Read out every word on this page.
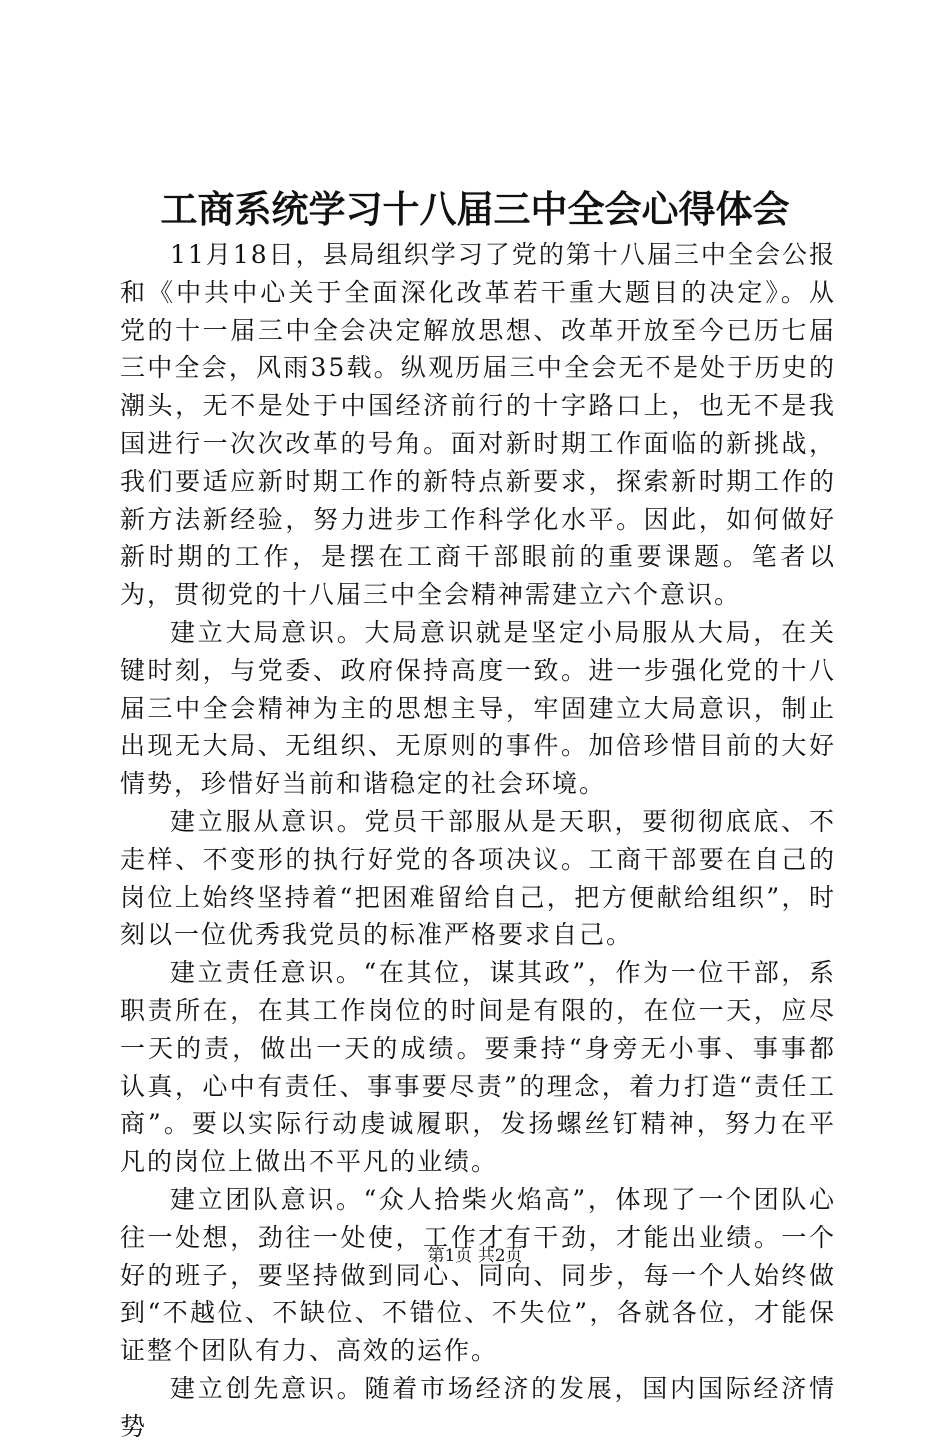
工商系统学习十八届三中全会心得体会

11月18日，县局组织学习了党的第十八届三中全会公报和《中共中心关于全面深化改革若干重大题目的决定》。从党的十一届三中全会决定解放思想、改革开放至今已历七届三中全会，风雨35载。纵观历届三中全会无不是处于历史的潮头，无不是处于中国经济前行的十字路口上，也无不是我国进行一次次改革的号角。面对新时期工作面临的新挑战，我们要适应新时期工作的新特点新要求，探索新时期工作的新方法新经验，努力进步工作科学化水平。因此，如何做好新时期的工作，是摆在工商干部眼前的重要课题。笔者以为，贯彻党的十八届三中全会精神需建立六个意识。

建立大局意识。大局意识就是坚定小局服从大局，在关键时刻，与党委、政府保持高度一致。进一步强化党的十八届三中全会精神为主的思想主导，牢固建立大局意识，制止出现无大局、无组织、无原则的事件。加倍珍惜目前的大好情势，珍惜好当前和谐稳定的社会环境。

建立服从意识。党员干部服从是天职，要彻彻底底、不走样、不变形的执行好党的各项决议。工商干部要在自己的岗位上始终坚持着“把困难留给自己，把方便献给组织”，时刻以一位优秀我党员的标准严格要求自己。

建立责任意识。“在其位，谋其政”，作为一位干部，系职责所在，在其工作岗位的时间是有限的，在位一天，应尽一天的责，做出一天的成绩。要秉持“身旁无小事、事事都认真，心中有责任、事事要尽责”的理念，着力打造“责任工商”。要以实际行动虔诚履职，发扬螺丝钉精神，努力在平凡的岗位上做出不平凡的业绩。

建立团队意识。“众人拾柴火焰高”，体现了一个团队心往一处想，劲往一处使，工作才有干劲，才能出业绩。一个好的班子，要坚持做到同心、同向、同步，每一个人始终做到“不越位、不缺位、不错位、不失位”，各就各位，才能保证整个团队有力、高效的运作。

建立创先意识。随着市场经济的发展，国内国际经济情势

第1页 共2页
